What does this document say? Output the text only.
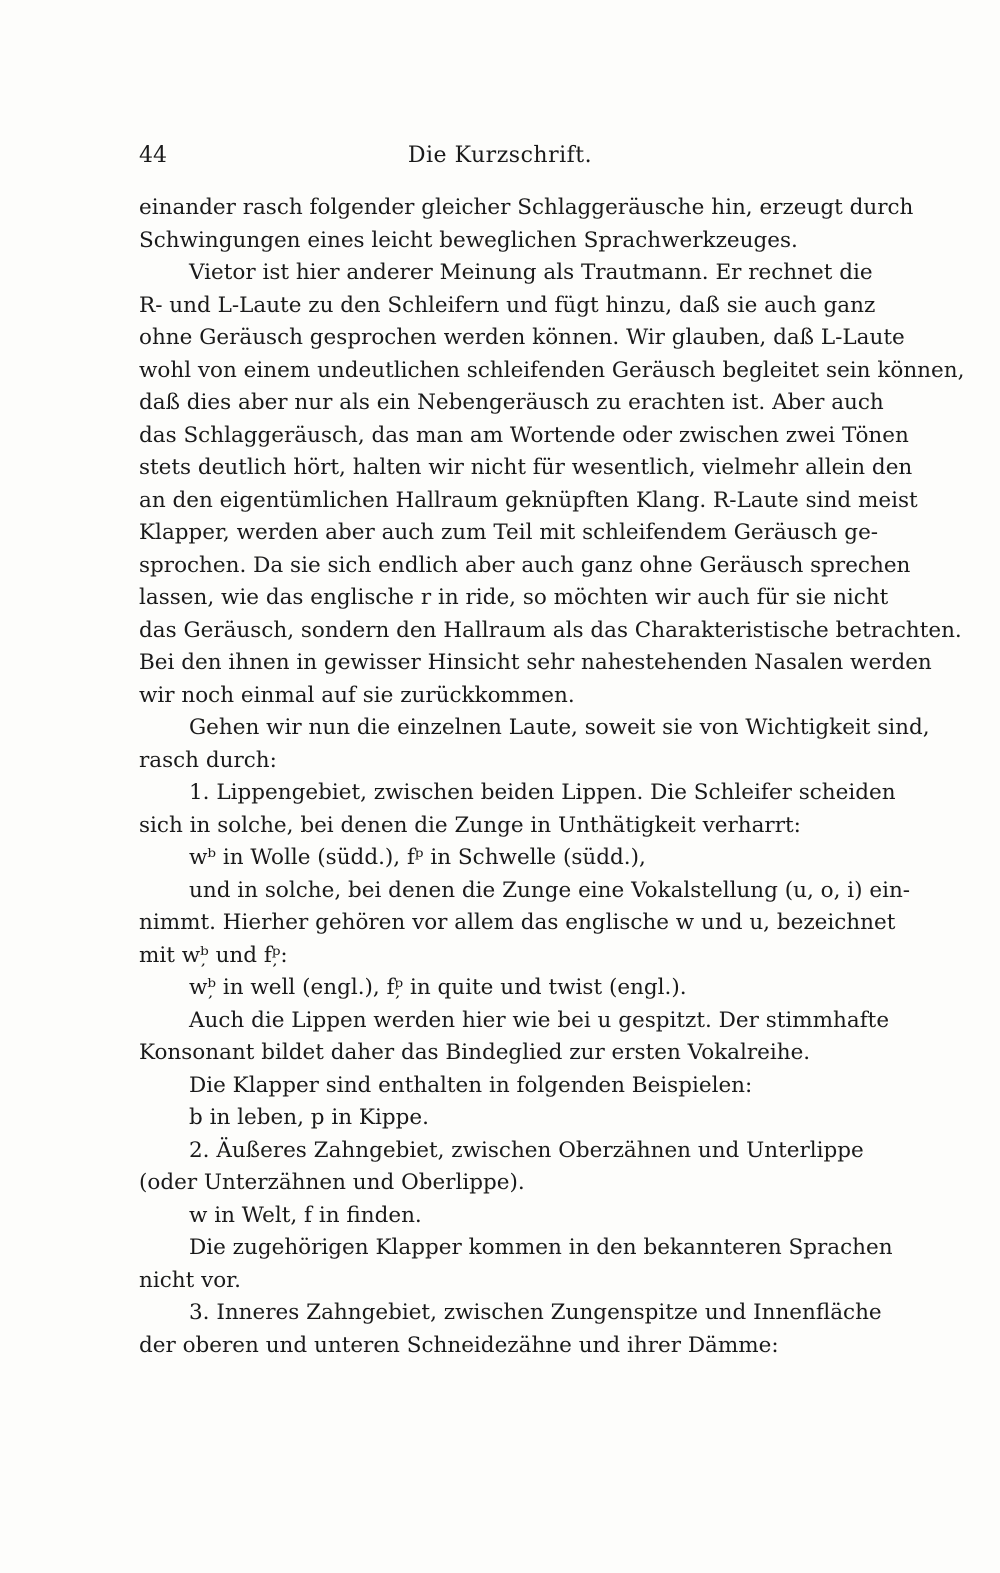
44	Die Kurzschrift.
einander rasch folgender gleicher Schlaggeräusche hin, erzeugt durch
Schwingungen eines leicht beweglichen Sprachwerkzeuges.
Vietor ist hier anderer Meinung als Trautmann. Er rechnet die
R- und L-Laute zu den Schleifern und fügt hinzu, daß sie auch ganz
ohne Geräusch gesprochen werden können. Wir glauben, daß L-Laute
wohl von einem undeutlichen schleifenden Geräusch begleitet sein können,
daß dies aber nur als ein Nebengeräusch zu erachten ist. Aber auch
das Schlaggeräusch, das man am Wortende oder zwischen zwei Tönen
stets deutlich hört, halten wir nicht für wesentlich, vielmehr allein den
an den eigentümlichen Hallraum geknüpften Klang. R-Laute sind meist
Klapper, werden aber auch zum Teil mit schleifendem Geräusch ge-
sprochen. Da sie sich endlich aber auch ganz ohne Geräusch sprechen
lassen, wie das englische r in ride, so möchten wir auch für sie nicht
das Geräusch, sondern den Hallraum als das Charakteristische betrachten.
Bei den ihnen in gewisser Hinsicht sehr nahestehenden Nasalen werden
wir noch einmal auf sie zurückkommen.
Gehen wir nun die einzelnen Laute, soweit sie von Wichtigkeit sind,
rasch durch:
1. Lippengebiet, zwischen beiden Lippen. Die Schleifer scheiden
sich in solche, bei denen die Zunge in Unthätigkeit verharrt:
wᵇ in Wolle (südd.), fᵖ in Schwelle (südd.),
und in solche, bei denen die Zunge eine Vokalstellung (u, o, i) ein-
nimmt. Hierher gehören vor allem das englische w und u, bezeichnet
mit wᵇ̦ und fᵖ̦:
wᵇ̦ in well (engl.), fᵖ̦ in quite und twist (engl.).
Auch die Lippen werden hier wie bei u gespitzt. Der stimmhafte
Konsonant bildet daher das Bindeglied zur ersten Vokalreihe.
Die Klapper sind enthalten in folgenden Beispielen:
b in leben, p in Kippe.
2. Äußeres Zahngebiet, zwischen Oberzähnen und Unterlippe
(oder Unterzähnen und Oberlippe).
w in Welt, f in finden.
Die zugehörigen Klapper kommen in den bekannteren Sprachen
nicht vor.
3. Inneres Zahngebiet, zwischen Zungenspitze und Innenfläche
der oberen und unteren Schneidezähne und ihrer Dämme:
